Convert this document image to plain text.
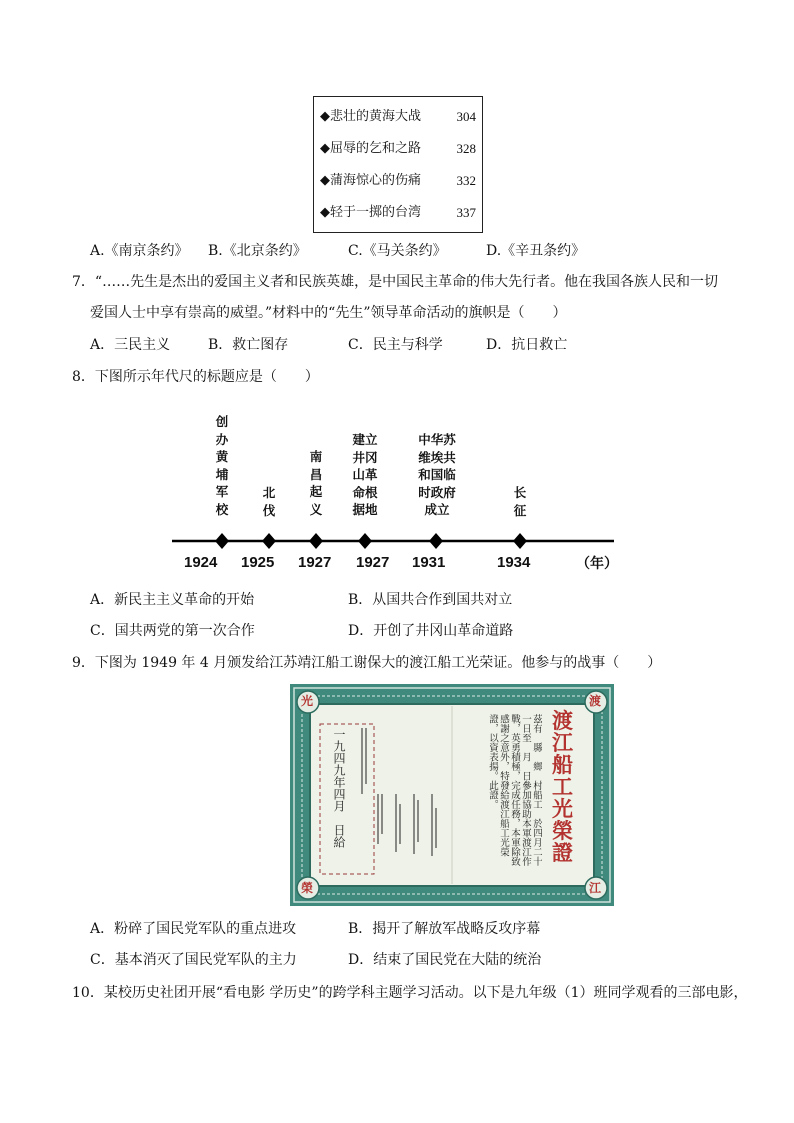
◆悲壮的黄海大战	304
◆屈辱的乞和之路	328
◆蒲海惊心的伤痛	332
◆轻于一掷的台湾	337
A.《南京条约》 B.《北京条约》	C.《马关条约》	D.《辛丑条约》
7．“……先生是杰出的爱国主义者和民族英雄，是中国民主革命的伟大先行者。他在我国各族人民和一切
爱国人士中享有崇高的威望。”材料中的“先生”领导革命活动的旗帜是（　　）
A．三民主义	B．救亡图存	C．民主与科学	D．抗日救亡
8．下图所示年代尺的标题应是（　　）
创办黄埔军校
北伐
南昌起义
建立井冈山革命根据地
中华苏维埃共和国临时政府成立
长征
1924 1925 1927 1927 1931	1934	（年）
A．新民主主义革命的开始	B．从国共合作到国共对立
C．国共两党的第一次合作	D．开创了井冈山革命道路
9．下图为 1949 年 4 月颁发给江苏靖江船工谢保大的渡江船工光荣证。他参与的战事（　　）
光	渡
江
榮
渡江船工光榮證
茲有　縣　鄉　村船工　於四月二十一日至　月　日參加協助本軍渡江作戰，英勇積極，完成任務，本軍除致感謝之意外，特發給渡江船工光榮證，以資表揚。此證。
一九四九年四月　日給
A．粉碎了国民党军队的重点进攻	B．揭开了解放军战略反攻序幕
C．基本消灭了国民党军队的主力	D．结束了国民党在大陆的统治
10．某校历史社团开展“看电影 学历史”的跨学科主题学习活动。以下是九年级（1）班同学观看的三部电影，
